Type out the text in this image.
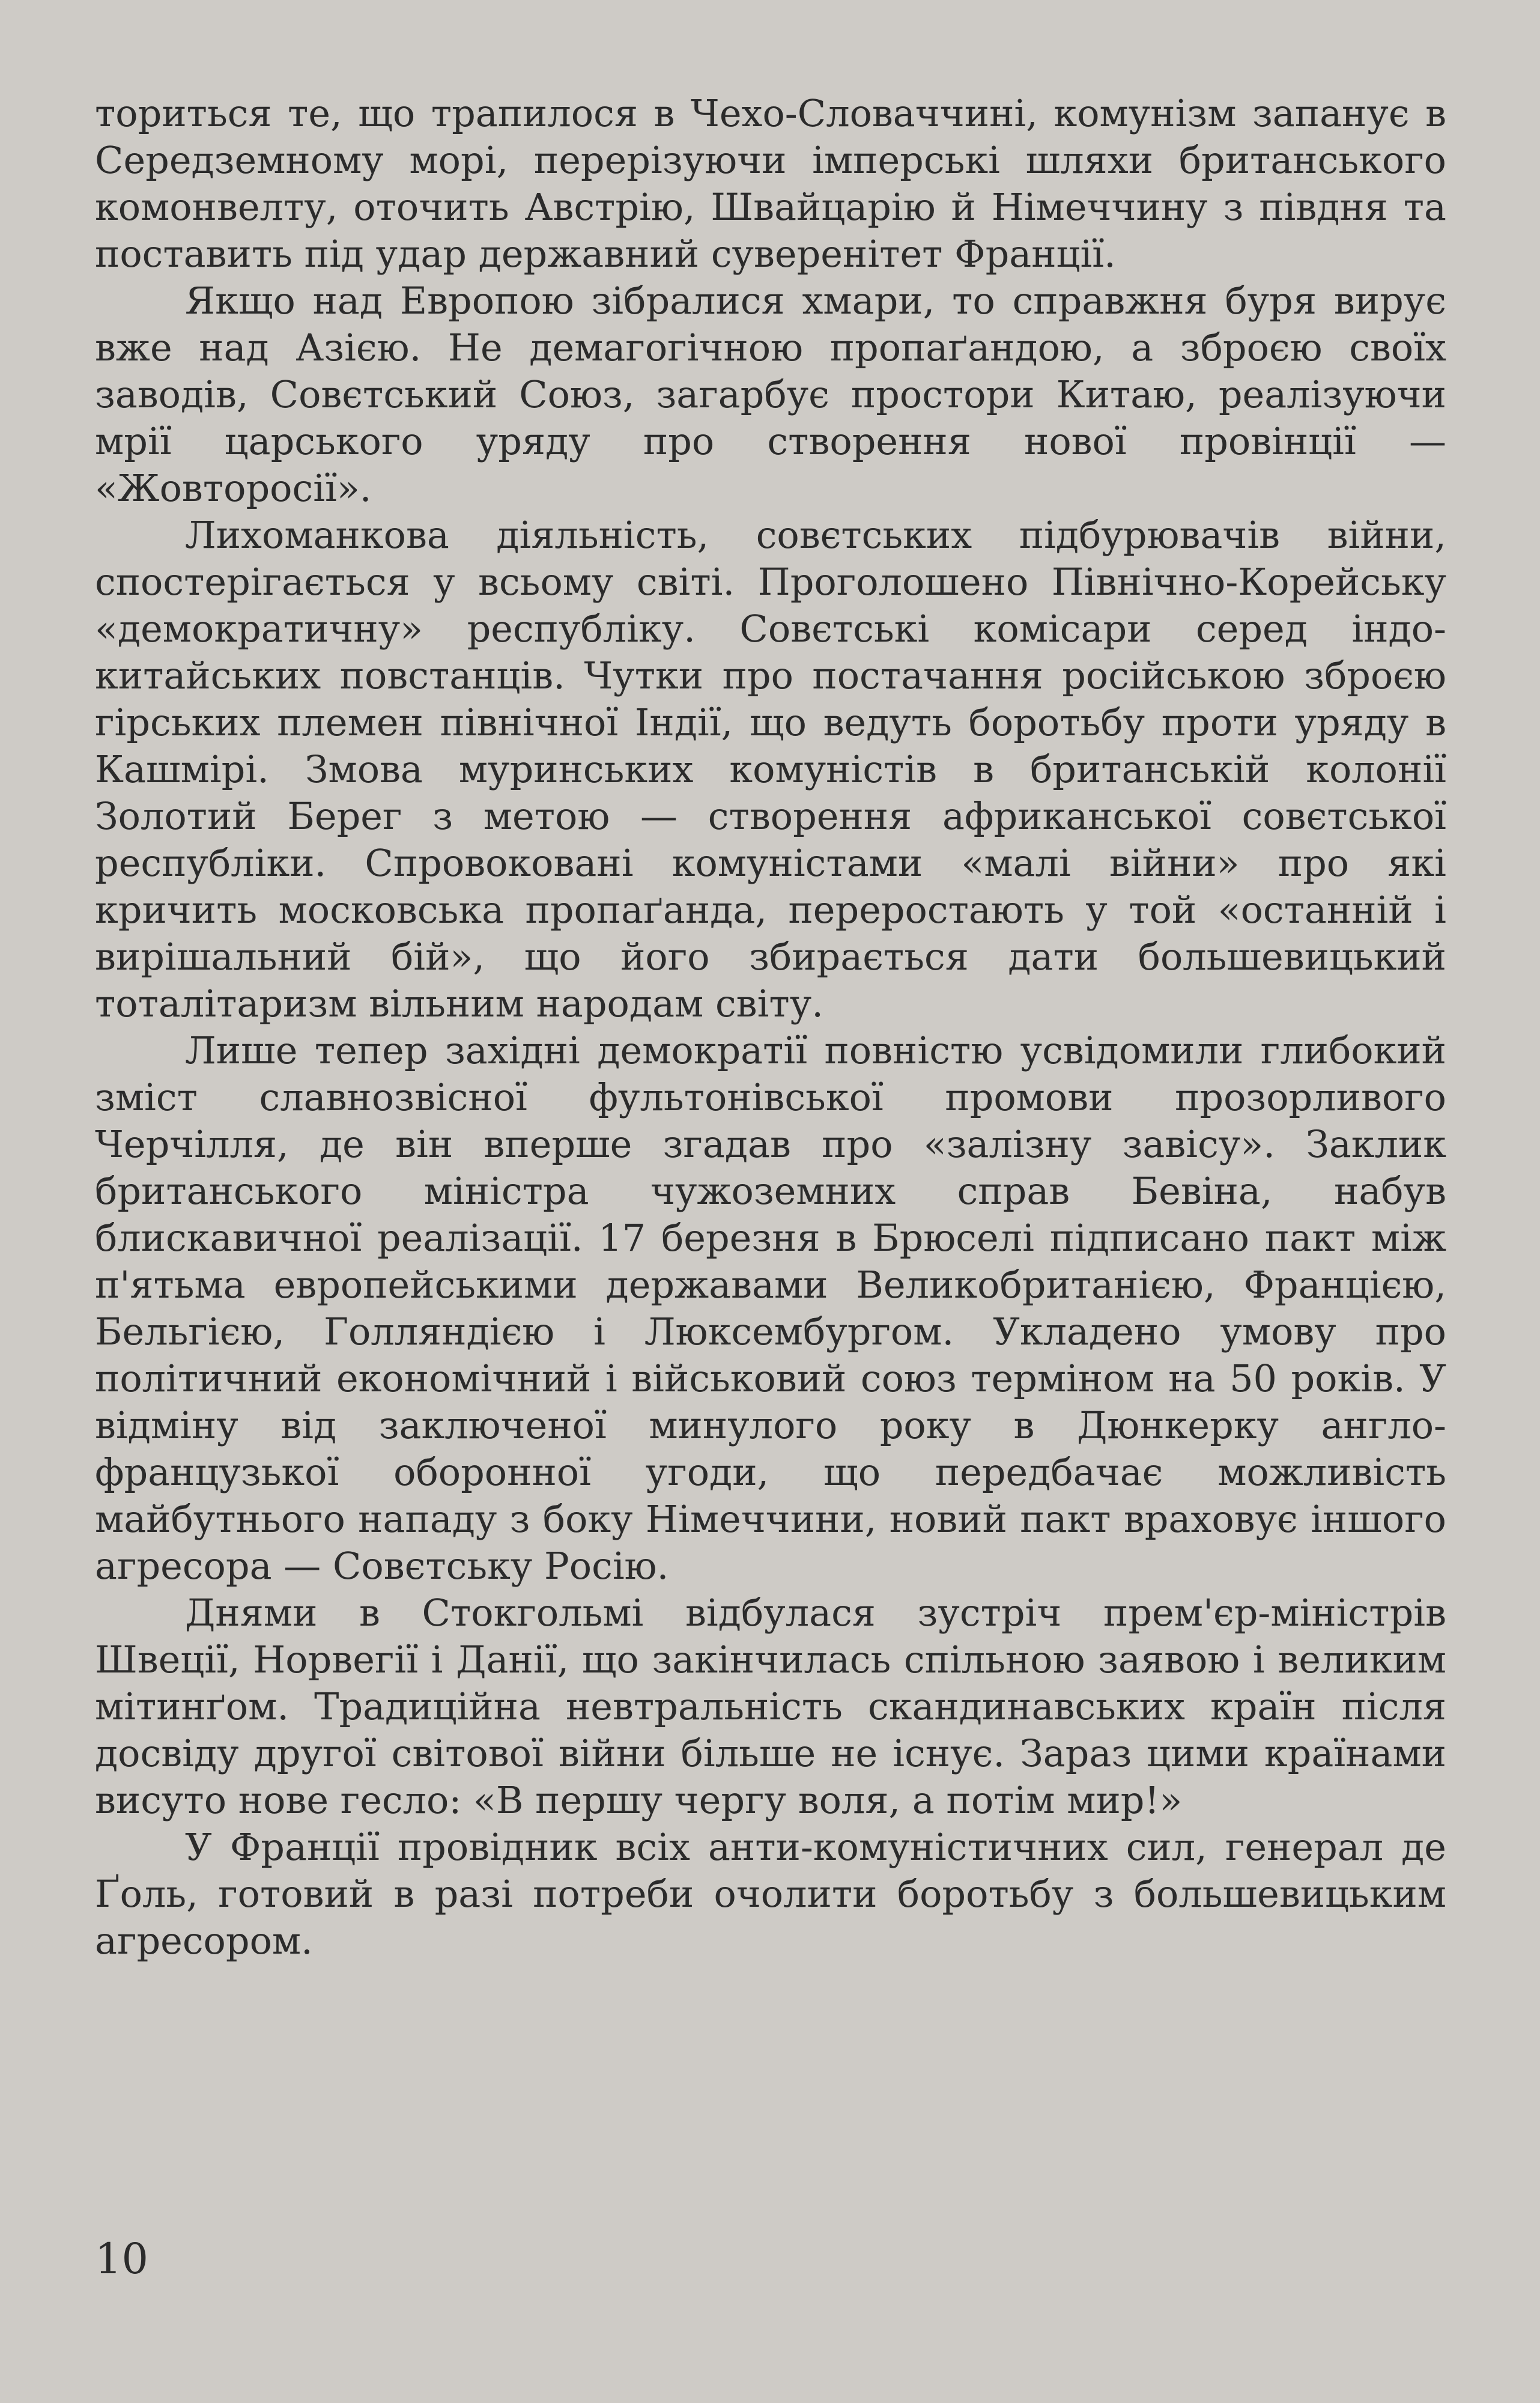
торитьcя те, що трапилося в Чехо-Словаччині, комунізм запанує в Середземному морі, перерізуючи імперські шляхи британського комонвелту, оточить Австрію, Швайцарію й Німеччину з півдня та поставить під удар державний суверенітет Франції.

Якщо над Европою зібралися хмари, то справжня буря вирує вже над Азією. Не демагогічною пропаґандою, а зброєю своїх заводів, Совєтський Союз, загарбує простори Китаю, реалізуючи мрії царського уряду про створення нової провінції — «Жовторосії».

Лихоманкова діяльність, совєтських підбурювачів війни, спостерігається у всьому світі. Проголошено Північно-Корейську «демократичну» республіку. Совєтські комісари серед індо-китайських повстанців. Чутки про постачання російською зброєю гірських племен північної Індії, що ведуть боротьбу проти уряду в Кашмірі. Змова муринських комуністів в британській колонії Золотий Берег з метою — створення африканської совєтської республіки. Спровоковані комуністами «малі війни» про які кричить московська пропаґанда, переростають у той «останній і вирішальний бій», що його збирається дати большевицький тоталітаризм вільним народам світу.

Лише тепер західні демократії повністю усвідомили глибокий зміст славнозвісної фультонівської промови прозорливого Черчілля, де він вперше згадав про «залізну завісу». Заклик британського міністра чужоземних справ Бевіна, набув блискавичної реалізації. 17 березня в Брюселі підписано пакт між п'ятьма европейськими державами Великобританією, Францією, Бельгією, Голляндією і Люксембургом. Укладено умову про політичний економічний і військовий союз терміном на 50 років. У відміну від заключеної минулого року в Дюнкерку англо-французької оборонної угоди, що передбачає можливість майбутнього нападу з боку Німеччини, новий пакт враховує іншого агресора — Совєтську Росію.

Днями в Стокгольмі відбулася зустріч прем'єр-міністрів Швеції, Норвегії і Данії, що закінчилась спільною заявою і великим мітинґом. Традиційна невтральність скандинавських країн після досвіду другої світової війни більше не існує. Зараз цими країнами висуто нове гесло: «В першу чергу воля, а потім мир!»

У Франції провідник всіх анти-комуністичних сил, генерал де Ґоль, готовий в разі потреби очолити боротьбу з большевицьким агресором.

10
